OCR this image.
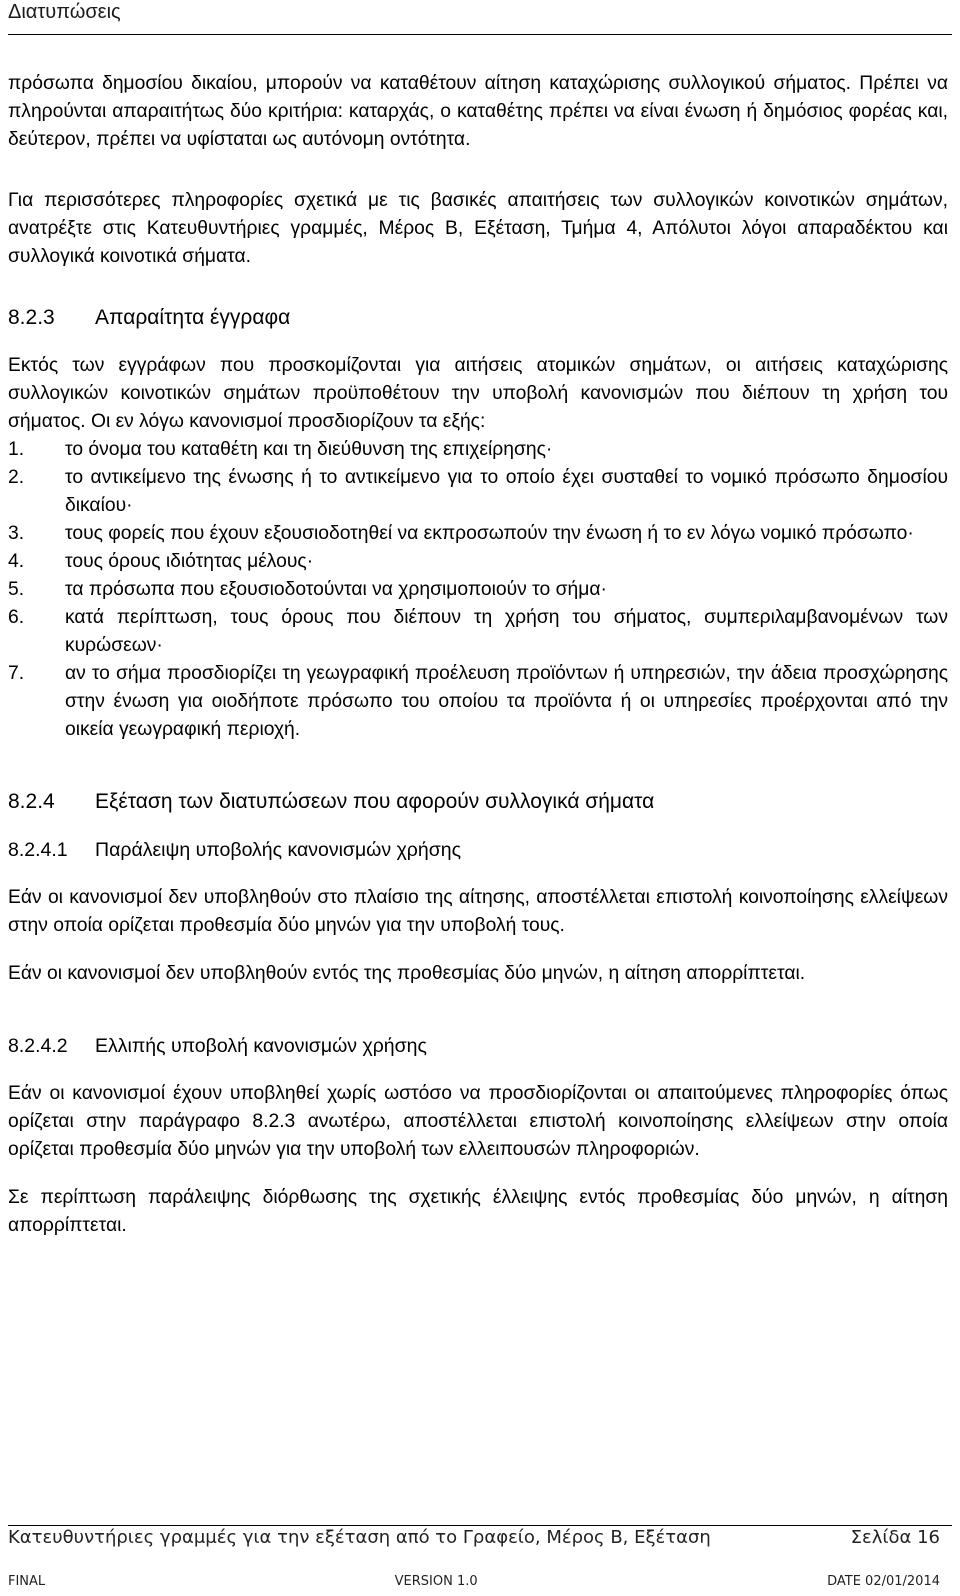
Διατυπώσεις

πρόσωπα δημοσίου δικαίου, μπορούν να καταθέτουν αίτηση καταχώρισης συλλογικού σήματος. Πρέπει να πληρούνται απαραιτήτως δύο κριτήρια: καταρχάς, ο καταθέτης πρέπει να είναι ένωση ή δημόσιος φορέας και, δεύτερον, πρέπει να υφίσταται ως αυτόνομη οντότητα.

Για περισσότερες πληροφορίες σχετικά με τις βασικές απαιτήσεις των συλλογικών κοινοτικών σημάτων, ανατρέξτε στις Κατευθυντήριες γραμμές, Μέρος Β, Εξέταση, Τμήμα 4, Απόλυτοι λόγοι απαραδέκτου και συλλογικά κοινοτικά σήματα.

8.2.3	Απαραίτητα έγγραφα

Εκτός των εγγράφων που προσκομίζονται για αιτήσεις ατομικών σημάτων, οι αιτήσεις καταχώρισης συλλογικών κοινοτικών σημάτων προϋποθέτουν την υποβολή κανονισμών που διέπουν τη χρήση του σήματος. Οι εν λόγω κανονισμοί προσδιορίζουν τα εξής:

1.	το όνομα του καταθέτη και τη διεύθυνση της επιχείρησης·
2.	το αντικείμενο της ένωσης ή το αντικείμενο για το οποίο έχει συσταθεί το νομικό πρόσωπο δημοσίου δικαίου·
3.	τους φορείς που έχουν εξουσιοδοτηθεί να εκπροσωπούν την ένωση ή το εν λόγω νομικό πρόσωπο·
4.	τους όρους ιδιότητας μέλους·
5.	τα πρόσωπα που εξουσιοδοτούνται να χρησιμοποιούν το σήμα·
6.	κατά περίπτωση, τους όρους που διέπουν τη χρήση του σήματος, συμπεριλαμβανομένων των κυρώσεων·
7.	αν το σήμα προσδιορίζει τη γεωγραφική προέλευση προϊόντων ή υπηρεσιών, την άδεια προσχώρησης στην ένωση για οιοδήποτε πρόσωπο του οποίου τα προϊόντα ή οι υπηρεσίες προέρχονται από την οικεία γεωγραφική περιοχή.
8.2.4	Εξέταση των διατυπώσεων που αφορούν συλλογικά σήματα
8.2.4.1	Παράλειψη υποβολής κανονισμών χρήσης

Εάν οι κανονισμοί δεν υποβληθούν στο πλαίσιο της αίτησης, αποστέλλεται επιστολή κοινοποίησης ελλείψεων στην οποία ορίζεται προθεσμία δύο μηνών για την υποβολή τους.

Εάν οι κανονισμοί δεν υποβληθούν εντός της προθεσμίας δύο μηνών, η αίτηση απορρίπτεται.

8.2.4.2	Ελλιπής υποβολή κανονισμών χρήσης

Εάν οι κανονισμοί έχουν υποβληθεί χωρίς ωστόσο να προσδιορίζονται οι απαιτούμενες πληροφορίες όπως ορίζεται στην παράγραφο 8.2.3 ανωτέρω, αποστέλλεται επιστολή κοινοποίησης ελλείψεων στην οποία ορίζεται προθεσμία δύο μηνών για την υποβολή των ελλειπουσών πληροφοριών.

Σε περίπτωση παράλειψης διόρθωσης της σχετικής έλλειψης εντός προθεσμίας δύο μηνών, η αίτηση απορρίπτεται.

Κατευθυντήριες γραμμές για την εξέταση από το Γραφείο, Μέρος Β, Εξέταση	Σελίδα 16
FINAL	VERSION 1.0	DATE 02/01/2014
